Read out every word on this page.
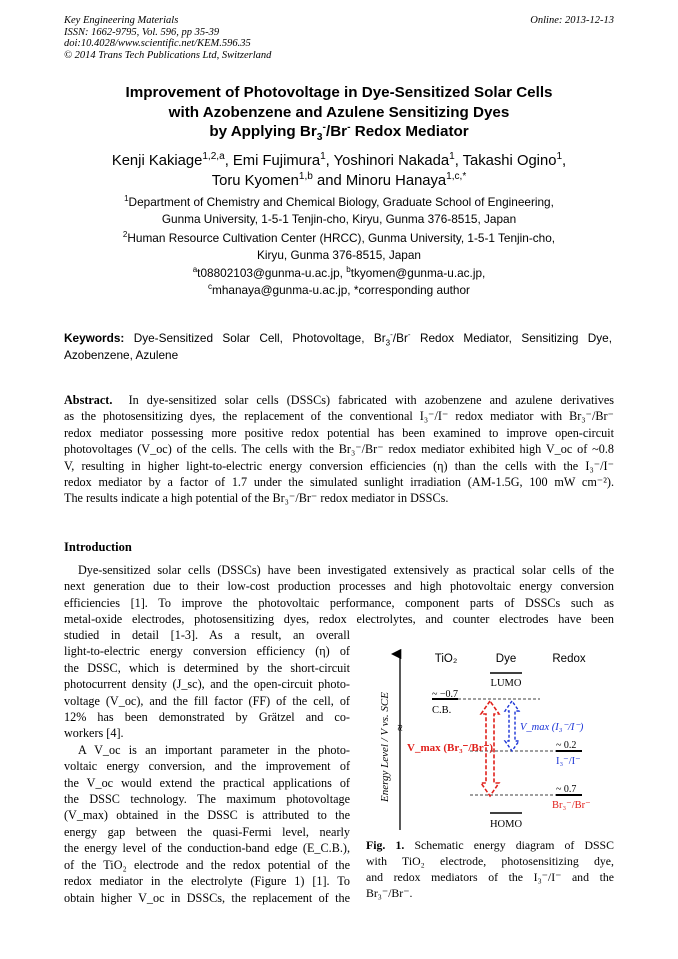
Key Engineering Materials
ISSN: 1662-9795, Vol. 596, pp 35-39
doi:10.4028/www.scientific.net/KEM.596.35
© 2014 Trans Tech Publications Ltd, Switzerland
Online: 2013-12-13
Improvement of Photovoltage in Dye-Sensitized Solar Cells
with Azobenzene and Azulene Sensitizing Dyes
by Applying $Br_3^-/Br^-$ Redox Mediator
Kenji Kakiage$^{1,2,a}$, Emi Fujimura$^1$, Yoshinori Nakada$^1$, Takashi Ogino$^1$,
Toru Kyomen$^{1,b}$ and Minoru Hanaya$^{1,c,*}$
$^1$Department of Chemistry and Chemical Biology, Graduate School of Engineering,
Gunma University, 1-5-1 Tenjin-cho, Kiryu, Gunma 376-8515, Japan
$^2$Human Resource Cultivation Center (HRCC), Gunma University, 1-5-1 Tenjin-cho,
Kiryu, Gunma 376-8515, Japan
$^a$t08802103@gunma-u.ac.jp, $^b$tkyomen@gunma-u.ac.jp,
$^c$mhanaya@gunma-u.ac.jp, *corresponding author
Keywords: Dye-Sensitized Solar Cell, Photovoltage, $Br_3^-/Br^-$ Redox Mediator, Sensitizing Dye,
Azobenzene, Azulene
Abstract. In dye-sensitized solar cells (DSSCs) fabricated with azobenzene and azulene derivatives
as the photosensitizing dyes, the replacement of the conventional I₃⁻/I⁻ redox mediator with Br₃⁻/Br⁻
redox mediator possessing more positive redox potential has been examined to improve open-circuit
photovoltages (V_oc) of the cells. The cells with the Br₃⁻/Br⁻ redox mediator exhibited high V_oc of ~0.8
V, resulting in higher light-to-electric energy conversion efficiencies (η) than the cells with the I₃⁻/I⁻
redox mediator by a factor of 1.7 under the simulated sunlight irradiation (AM-1.5G, 100 mW cm⁻²).
The results indicate a high potential of the Br₃⁻/Br⁻ redox mediator in DSSCs.
Introduction
Dye-sensitized solar cells (DSSCs) have been investigated extensively as practical solar cells of the
next generation due to their low-cost production processes and high photovoltaic energy conversion
efficiencies [1]. To improve the photovoltaic performance, component parts of DSSCs such as
metal-oxide electrodes, photosensitizing dyes, redox electrolytes, and counter electrodes have been
studied in detail [1-3]. As a result, an overall
light-to-electric energy conversion efficiency (η) of
the DSSC, which is determined by the short-circuit
photocurrent density (J_sc), and the open-circuit photo-
voltage (V_oc), and the fill factor (FF) of the cell, of
12% has been demonstrated by Grätzel and co-
workers [4].
A V_oc is an important parameter in the photo-
voltaic energy conversion, and the improvement of
the V_oc would extend the practical applications of
the DSSC technology. The maximum photovoltage
(V_max) obtained in the DSSC is attributed to the
energy gap between the quasi-Fermi level, nearly
the energy level of the conduction-band edge (E_C.B.),
of the TiO₂ electrode and the redox potential of the
redox mediator in the electrolyte (Figure 1) [1]. To
obtain higher V_oc in DSSCs, the replacement of the
TiO₂	Dye	Redox
Energy Level / V vs. SCE ≈
LUMO
HOMO
~ −0.7
C.B.
~ 0.2
I₃⁻/I⁻
~ 0.7
Br₃⁻/Br⁻
V_max (I₃⁻/I⁻)
V_max (Br₃⁻/Br⁻)
Fig. 1. Schematic energy diagram of DSSC
with TiO₂ electrode, photosensitizing dye,
and redox mediators of the I₃⁻/I⁻ and the
Br₃⁻/Br⁻.
